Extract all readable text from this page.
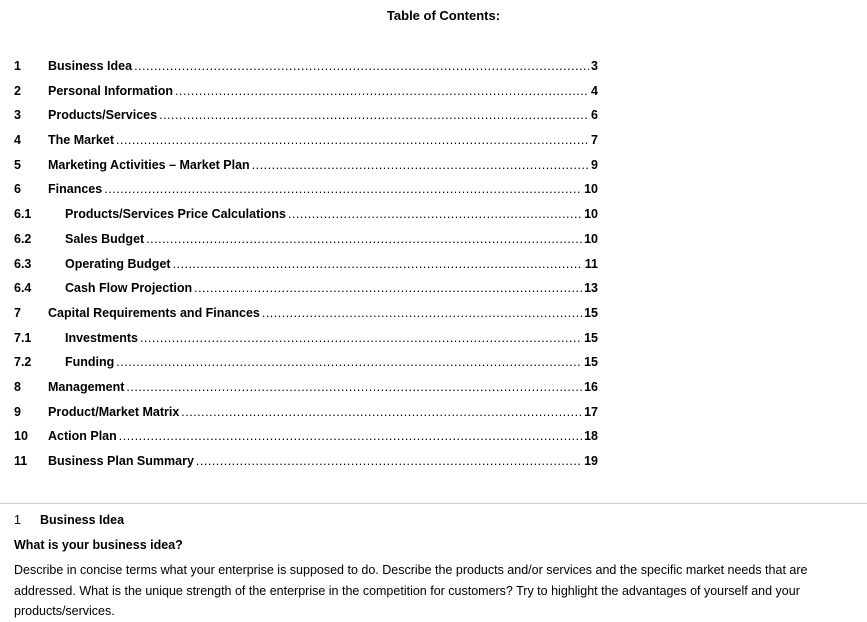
Table of Contents:
1	Business Idea .....	3
2	Personal Information .....	4
3	Products/Services .....	6
4	The Market .....	7
5	Marketing Activities – Market Plan .....	9
6	Finances .....	10
6.1	Products/Services Price Calculations .....	10
6.2	Sales Budget .....	10
6.3	Operating Budget .....	11
6.4	Cash Flow Projection .....	13
7	Capital Requirements and Finances .....	15
7.1	Investments .....	15
7.2	Funding .....	15
8	Management .....	16
9	Product/Market Matrix .....	17
10	Action Plan .....	18
11	Business Plan Summary .....	19
1 Business Idea
What is your business idea?
Describe in concise terms what your enterprise is supposed to do. Describe the products and/or services and the specific market needs that are addressed. What is the unique strength of the enterprise in the competition for customers? Try to highlight the advantages of yourself and your products/services.
